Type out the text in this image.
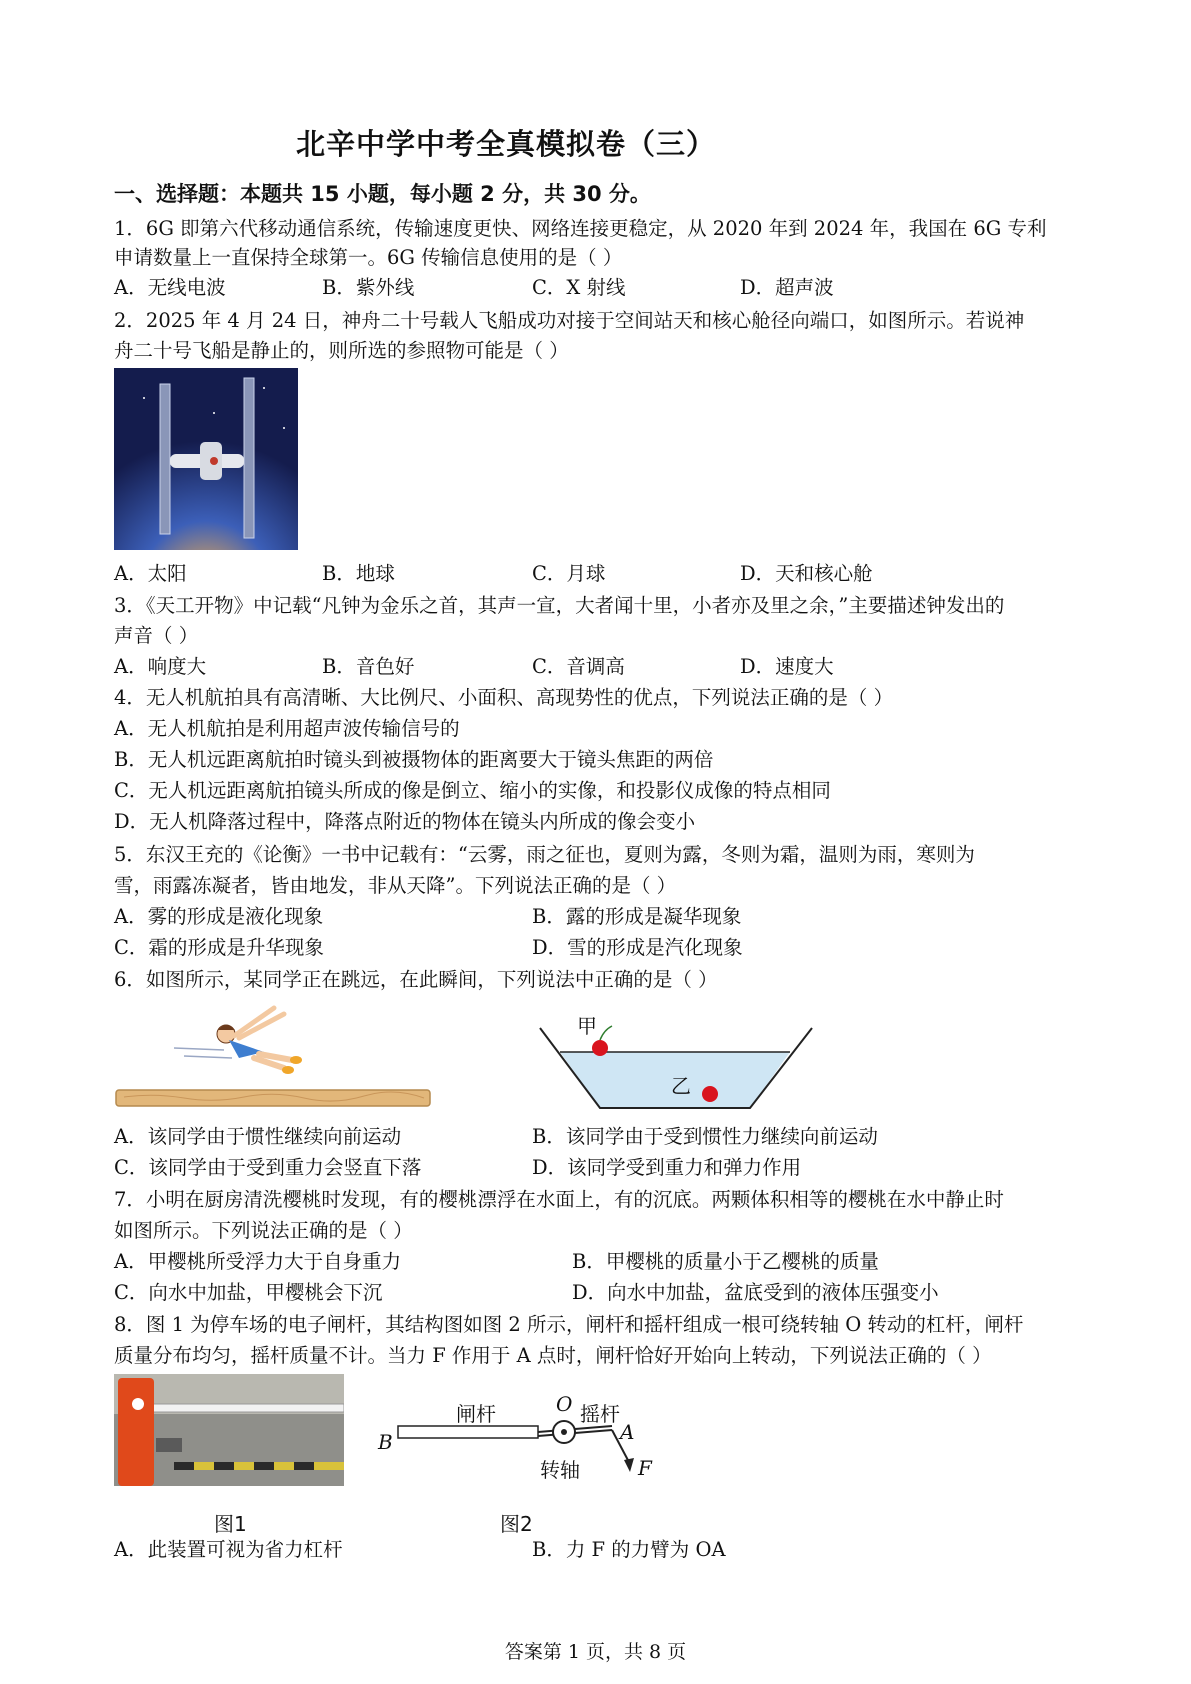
北辛中学中考全真模拟卷（三）
一、选择题：本题共 15 小题，每小题 2 分，共 30 分。
1．6G 即第六代移动通信系统，传输速度更快、网络连接更稳定，从 2020 年到 2024 年，我国在 6G 专利
申请数量上一直保持全球第一。6G 传输信息使用的是（ ）
A．无线电波	B．紫外线	C．X 射线	D．超声波
2．2025 年 4 月 24 日，神舟二十号载人飞船成功对接于空间站天和核心舱径向端口，如图所示。若说神
舟二十号飞船是静止的，则所选的参照物可能是（ ）
A．太阳	B．地球	C．月球	D．天和核心舱
3．《天工开物》中记载“凡钟为金乐之首，其声一宣，大者闻十里，小者亦及里之余，”主要描述钟发出的
声音（ ）
A．响度大	B．音色好	C．音调高	D．速度大
4．无人机航拍具有高清晰、大比例尺、小面积、高现势性的优点，下列说法正确的是（ ）
A．无人机航拍是利用超声波传输信号的
B．无人机远距离航拍时镜头到被摄物体的距离要大于镜头焦距的两倍
C．无人机远距离航拍镜头所成的像是倒立、缩小的实像，和投影仪成像的特点相同
D．无人机降落过程中，降落点附近的物体在镜头内所成的像会变小
5．东汉王充的《论衡》一书中记载有：“云雾，雨之征也，夏则为露，冬则为霜，温则为雨，寒则为
雪，雨露冻凝者，皆由地发，非从天降”。下列说法正确的是（ ）
A．雾的形成是液化现象	B．露的形成是凝华现象
C．霜的形成是升华现象	D．雪的形成是汽化现象
6．如图所示，某同学正在跳远，在此瞬间，下列说法中正确的是（ ）
甲
乙
A．该同学由于惯性继续向前运动	B．该同学由于受到惯性力继续向前运动
C．该同学由于受到重力会竖直下落	D．该同学受到重力和弹力作用
7．小明在厨房清洗樱桃时发现，有的樱桃漂浮在水面上，有的沉底。两颗体积相等的樱桃在水中静止时
如图所示。下列说法正确的是（ ）
A．甲樱桃所受浮力大于自身重力	B．甲樱桃的质量小于乙樱桃的质量
C．向水中加盐，甲樱桃会下沉	D．向水中加盐，盆底受到的液体压强变小
8．图 1 为停车场的电子闸杆，其结构图如图 2 所示，闸杆和摇杆组成一根可绕转轴 O 转动的杠杆，闸杆
质量分布均匀，摇杆质量不计。当力 F 作用于 A 点时，闸杆恰好开始向上转动，下列说法正确的（ ）
闸杆	O 摇杆
A
B
转轴	F
图1	图2
A．此装置可视为省力杠杆	B．力 F 的力臂为 OA
答案第 1 页，共 8 页
